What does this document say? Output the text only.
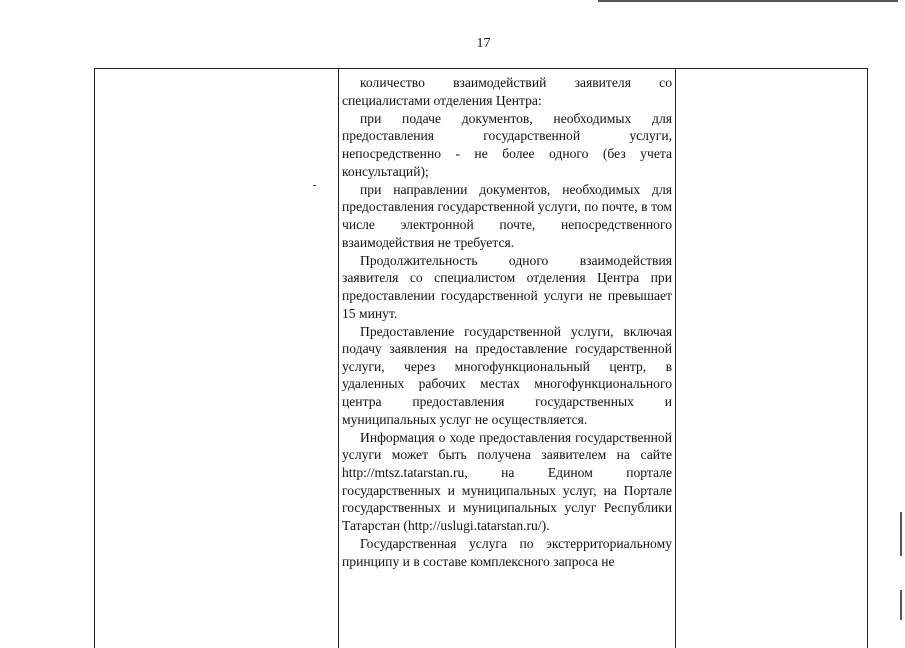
17

количество взаимодействий заявителя со специалистами отделения Центра:

при подаче документов, необходимых для предоставления государственной услуги, непосредственно - не более одного (без учета консультаций);

при направлении документов, необходимых для предоставления государственной услуги, по почте, в том числе электронной почте, непосредственного взаимодействия не требуется.

Продолжительность одного взаимодействия заявителя со специалистом отделения Центра при предоставлении государственной услуги не превышает 15 минут.

Предоставление государственной услуги, включая подачу заявления на предоставление государственной услуги, через многофункциональный центр, в удаленных рабочих местах многофункционального центра предоставления государственных и муниципальных услуг не осуществляется.

Информация о ходе предоставления государственной услуги может быть получена заявителем на сайте http://mtsz.tatarstan.ru, на Едином портале государственных и муниципальных услуг, на Портале государственных и муниципальных услуг Республики Татарстан (http://uslugi.tatarstan.ru/).

Государственная услуга по экстерриториальному принципу и в составе комплексного запроса не
